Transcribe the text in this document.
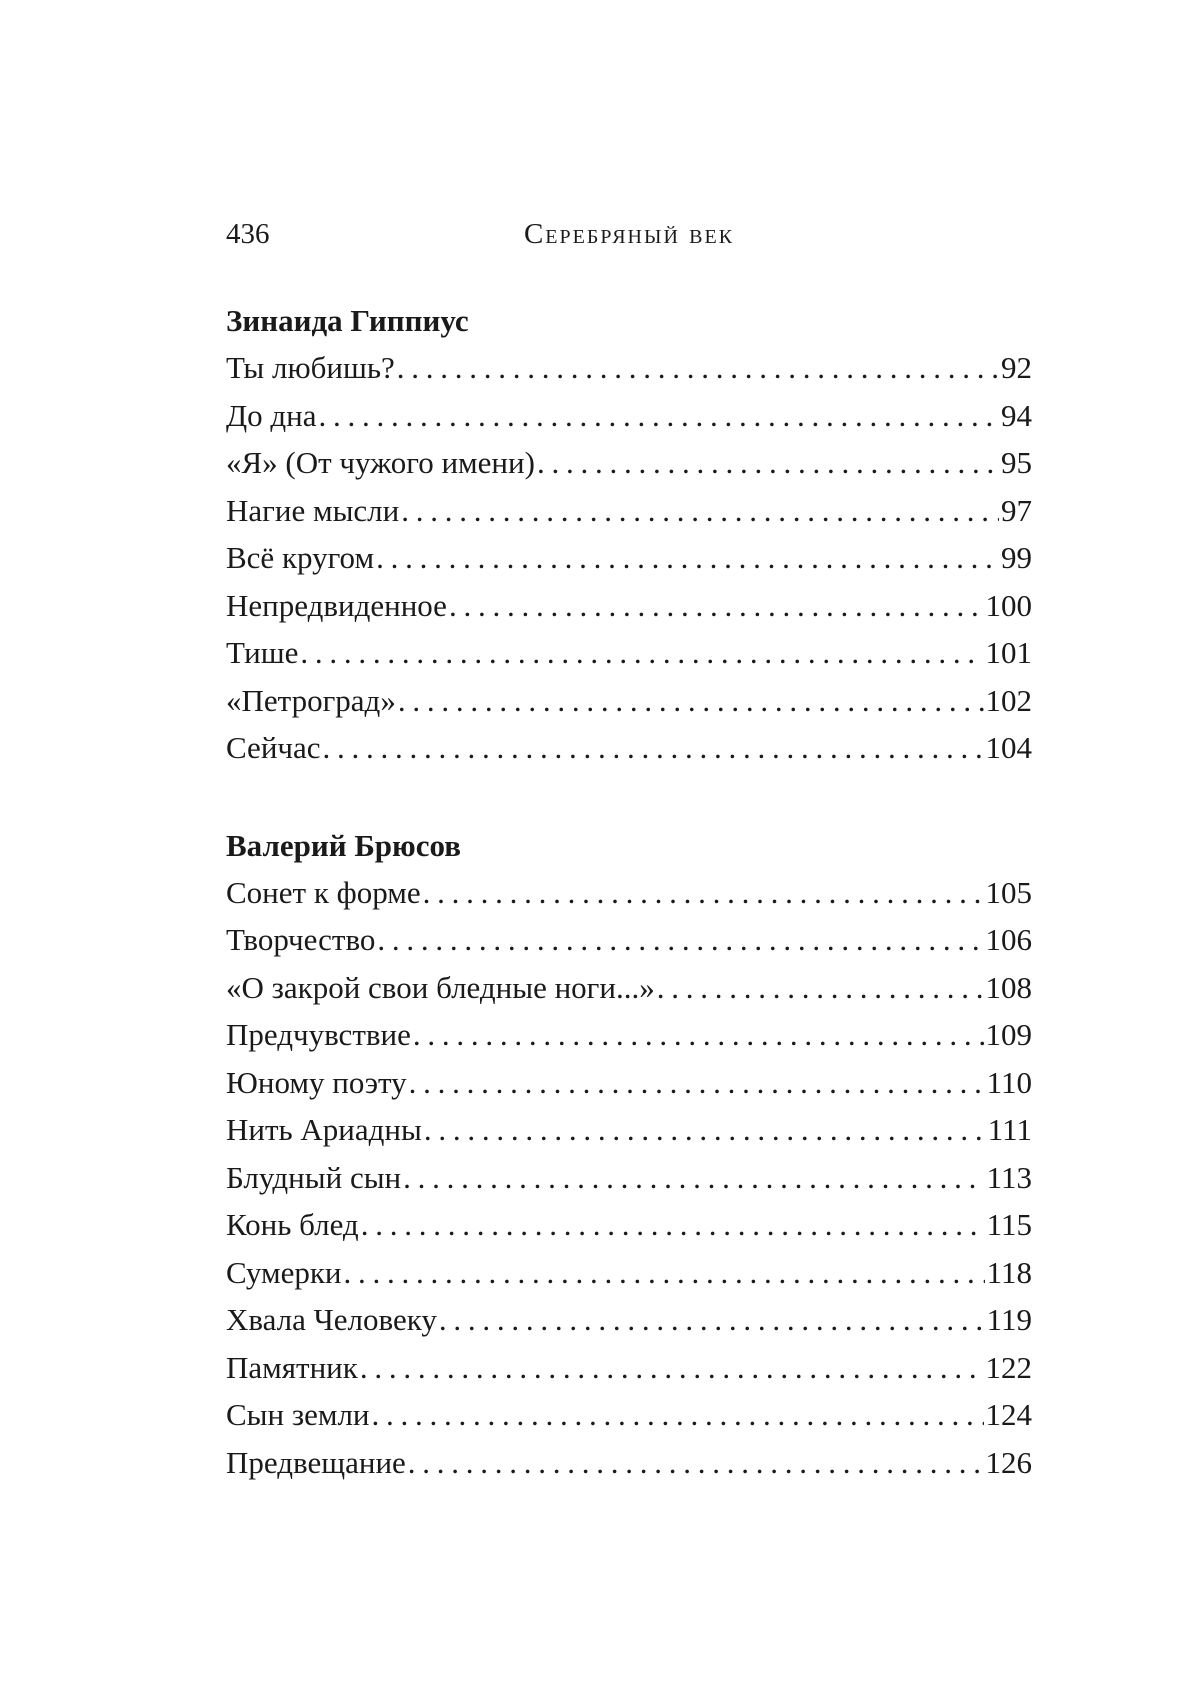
436	Серебряный век
Зинаида Гиппиус
Ты любишь? . . .	92
До дна . . .	94
«Я» (От чужого имени) . . .	95
Нагие мысли . . .	97
Всё кругом . . .	99
Непредвиденное . . .	100
Тише . . .	101
«Петроград» . . .	102
Сейчас . . .	104
Валерий Брюсов
Сонет к форме . . .	105
Творчество . . .	106
«О закрой свои бледные ноги...» . . .	108
Предчувствие . . .	109
Юному поэту . . .	110
Нить Ариадны . . .	111
Блудный сын . . .	113
Конь блед . . .	115
Сумерки . . .	118
Хвала Человеку . . .	119
Памятник . . .	122
Сын земли . . .	124
Предвещание . . .	126
